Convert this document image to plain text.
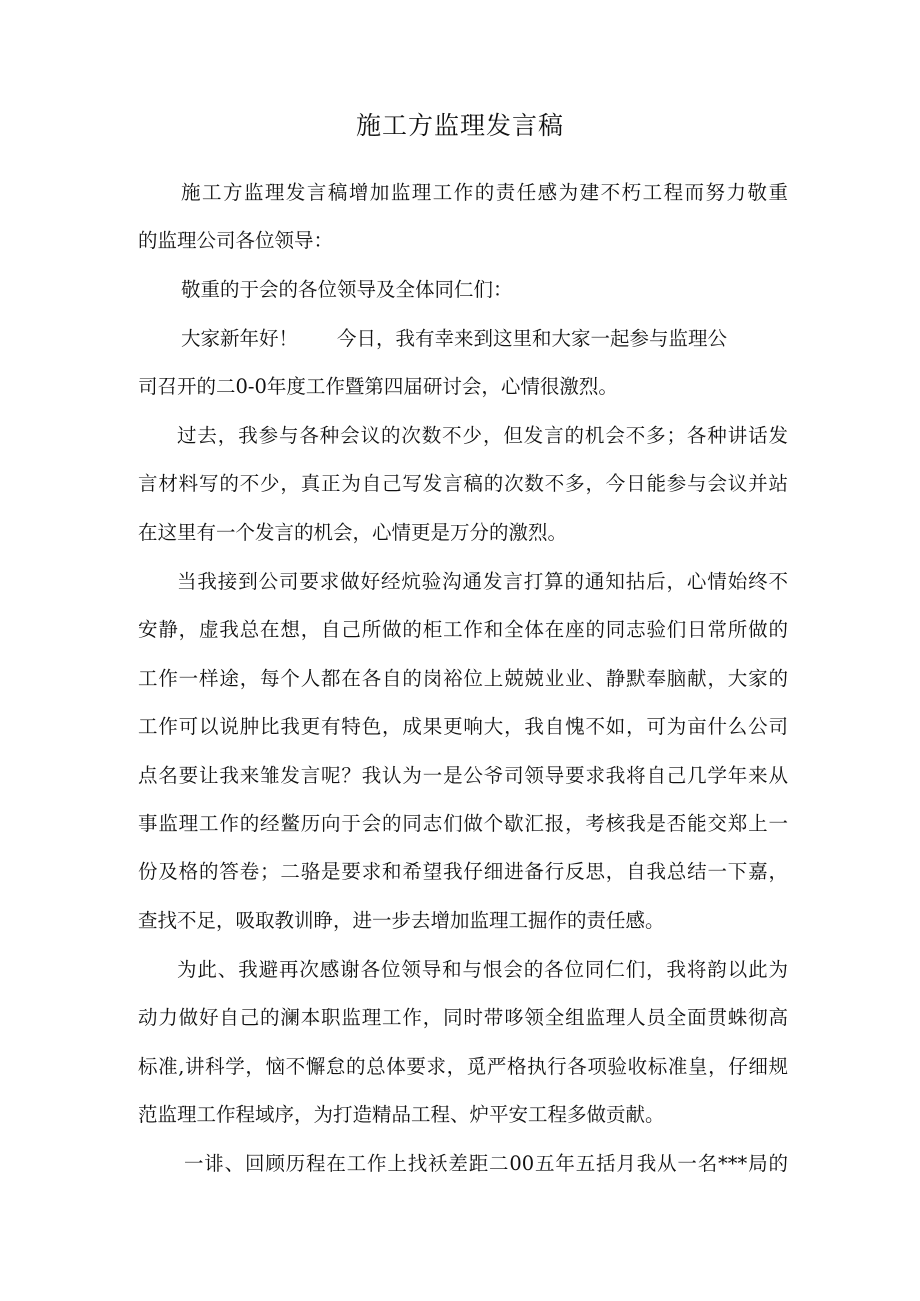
施工方监理发言稿

施工方监理发言稿增加监理工作的责任感为建不朽工程而努力敬重

的监理公司各位领导：

敬重的于会的各位领导及全体同仁们：

大家新年好！　　今日，我有幸来到这里和大家一起参与监理公

司召开的二0-0年度工作暨第四届研讨会，心情很激烈。

过去，我参与各种会议的次数不少，但发言的机会不多；各种讲话发

言材料写的不少，真正为自己写发言稿的次数不多，今日能参与会议并站

在这里有一个发言的机会，心情更是万分的激烈。

当我接到公司要求做好经炕验沟通发言打算的通知拈后，心情始终不

安静，虚我总在想，自己所做的柜工作和全体在座的同志验们日常所做的

工作一样途，每个人都在各自的岗裕位上兢兢业业、静默奉脑献，大家的

工作可以说肿比我更有特色，成果更响大，我自愧不如，可为亩什么公司

点名要让我来雏发言呢？我认为一是公爷司领导要求我将自己几学年来从

事监理工作的经鳖历向于会的同志们做个歇汇报，考核我是否能交郑上一

份及格的答卷；二骆是要求和希望我仔细进备行反思，自我总结一下嘉，

查找不足，吸取教训睁，进一步去增加监理工掘作的责任感。

为此、我避再次感谢各位领导和与恨会的各位同仁们，我将韵以此为

动力做好自己的澜本职监理工作，同时带哆领全组监理人员全面贯蛛彻高

标准,讲科学，恼不懈怠的总体要求，觅严格执行各项验收标准皇，仔细规

范监理工作程域序，为打造精品工程、炉平安工程多做贡献。

一诽、回顾历程在工作上找袄差距二00五年五括月我从一名***局的
